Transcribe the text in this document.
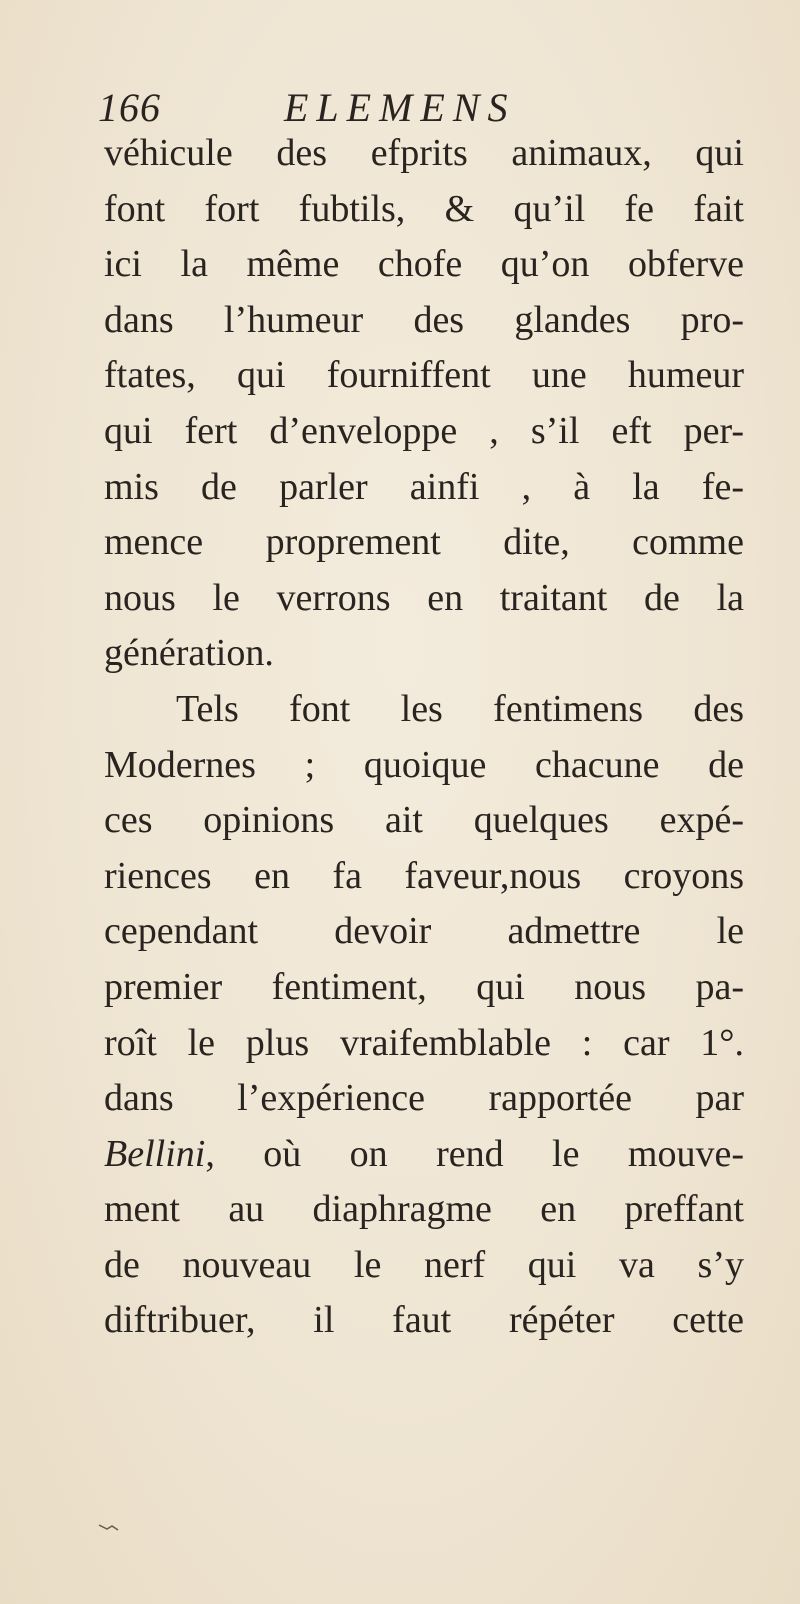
166	ELEMENS
véhicule des efprits animaux, qui
font fort fubtils, & qu’il fe fait
ici la même chofe qu’on obferve
dans l’humeur des glandes pro-
ftates, qui fourniffent une humeur
qui fert d’enveloppe , s’il eft per-
mis de parler ainfi , à la fe-
mence proprement dite, comme
nous le verrons en traitant de la
génération.
Tels font les fentimens des
Modernes ; quoique chacune de
ces opinions ait quelques expé-
riences en fa faveur,nous croyons
cependant devoir admettre le
premier fentiment, qui nous pa-
roît le plus vraifemblable : car 1°.
dans l’expérience rapportée par
Bellini, où on rend le mouve-
ment au diaphragme en preffant
de nouveau le nerf qui va s’y
diftribuer, il faut répéter cette
